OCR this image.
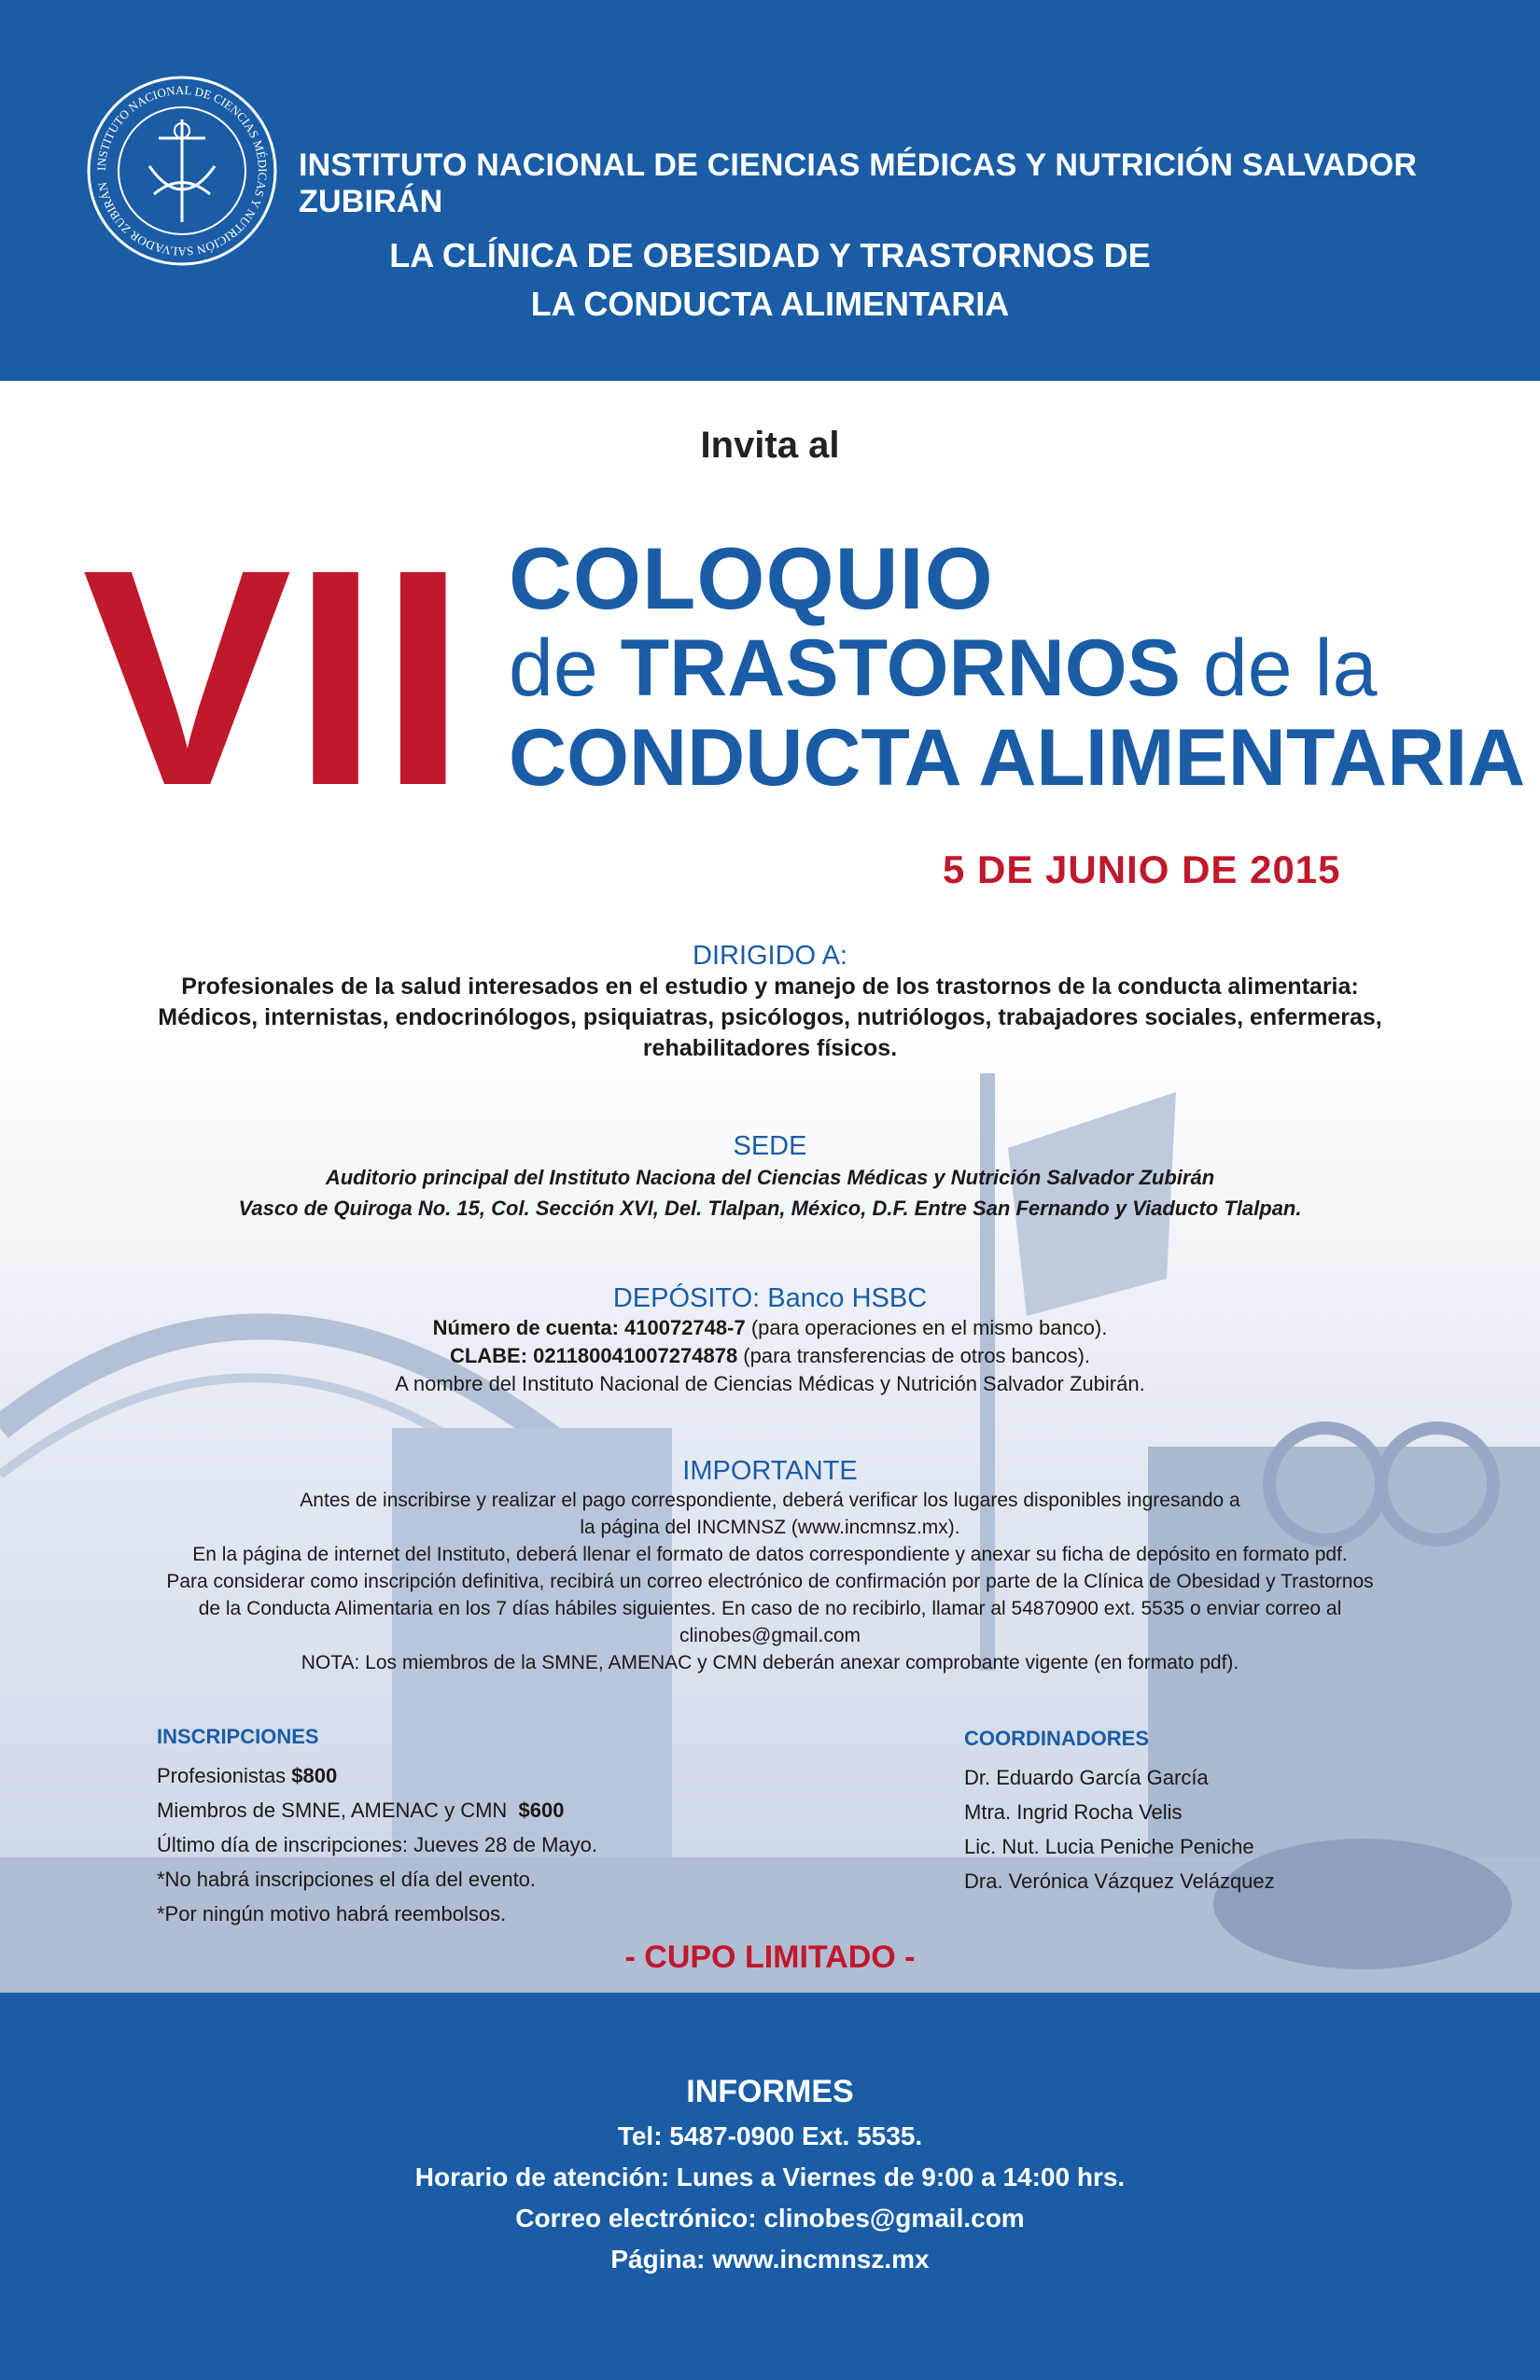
INSTITUTO NACIONAL DE CIENCIAS MÉDICAS Y NUTRICIÓN SALVADOR ZUBIRÁN
INSTITUTO NACIONAL DE CIENCIAS MÉDICAS Y NUTRICIÓN SALVADOR ZUBIRÁN
LA CLÍNICA DE OBESIDAD Y TRASTORNOS DE
LA CONDUCTA ALIMENTARIA
Invita al
VII COLOQUIO
de TRASTORNOS de la
CONDUCTA ALIMENTARIA
5 DE JUNIO DE 2015
DIRIGIDO A:
Profesionales de la salud interesados en el estudio y manejo de los trastornos de la conducta alimentaria:
Médicos, internistas, endocrinólogos, psiquiatras, psicólogos, nutriólogos, trabajadores sociales, enfermeras,
rehabilitadores físicos.
SEDE
Auditorio principal del Instituto Naciona del Ciencias Médicas y Nutrición Salvador Zubirán
Vasco de Quiroga No. 15, Col. Sección XVI, Del. Tlalpan, México, D.F. Entre San Fernando y Viaducto Tlalpan.
DEPÓSITO: Banco HSBC
Número de cuenta: 410072748-7 (para operaciones en el mismo banco).
CLABE: 021180041007274878 (para transferencias de otros bancos).
A nombre del Instituto Nacional de Ciencias Médicas y Nutrición Salvador Zubirán.
IMPORTANTE
Antes de inscribirse y realizar el pago correspondiente, deberá verificar los lugares disponibles ingresando a
la página del INCMNSZ (www.incmnsz.mx).
En la página de internet del Instituto, deberá llenar el formato de datos correspondiente y anexar su ficha de depósito en formato pdf.
Para considerar como inscripción definitiva, recibirá un correo electrónico de confirmación por parte de la Clínica de Obesidad y Trastornos
de la Conducta Alimentaria en los 7 días hábiles siguientes. En caso de no recibirlo, llamar al 54870900 ext. 5535 o enviar correo al
clinobes@gmail.com
NOTA: Los miembros de la SMNE, AMENAC y CMN deberán anexar comprobante vigente (en formato pdf).
INSCRIPCIONES
Profesionistas $800
Miembros de SMNE, AMENAC y CMN  $600
Último día de inscripciones: Jueves 28 de Mayo.
*No habrá inscripciones el día del evento.
*Por ningún motivo habrá reembolsos.
COORDINADORES
Dr. Eduardo García García
Mtra. Ingrid Rocha Velis
Lic. Nut. Lucia Peniche Peniche
Dra. Verónica Vázquez Velázquez
- CUPO LIMITADO -
INFORMES
Tel: 5487-0900 Ext. 5535.
Horario de atención: Lunes a Viernes de 9:00 a 14:00 hrs.
Correo electrónico: clinobes@gmail.com
Página: www.incmnsz.mx
